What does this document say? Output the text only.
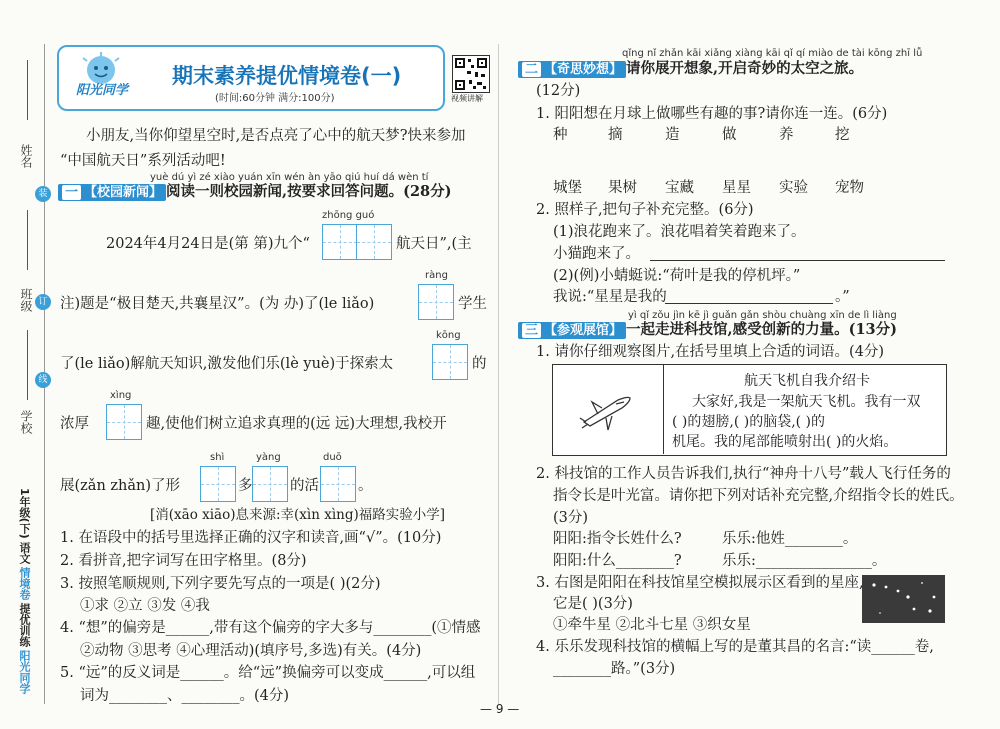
姓名
装
班级 订
线
学校
1年级(下)
语文
情境卷
提优训练
阳光同学
阳光同学
期末素养提优情境卷(一)
(时间:60分钟 满分:100分)	视频讲解
小朋友,当你仰望星空时,是否点亮了心中的航天梦?快来参加
“中国航天日”系列活动吧!
yuè dú yì zé xiào yuán xīn wén àn yāo qiú huí dá wèn tí
一 【校园新闻】 阅读一则校园新闻,按要求回答问题。(28分)
zhōng guó
2024年4月24日是(第 第)九个“	航天日”,(主
ràng
注)题是“极目楚天,共襄星汉”。(为 办)了(le liǎo)	学生
kōng
了(le liǎo)解航天知识,激发他们乐(lè yuè)于探索太	的
xìng
浓厚	趣,使他们树立追求真理的(远 远)大理想,我校开
shì	yàng	duō
展(zǎn zhǎn)了形	多	的活	。
[消(xāo xiāo)息来源:幸(xìn xìng)福路实验小学]
1. 在语段中的括号里选择正确的汉字和读音,画“√”。(10分)
2. 看拼音,把字词写在田字格里。(8分)
3. 按照笔顺规则,下列字要先写点的一项是( )(2分)
①求 ②立 ③发 ④我
4. “想”的偏旁是______,带有这个偏旁的字大多与________(①情感
②动物 ③思考 ④心理活动)(填序号,多选)有关。(4分)
5. “远”的反义词是______。给“远”换偏旁可以变成______,可以组
词为________、________。(4分)
qǐng nǐ zhǎn kāi xiǎng xiàng kāi qǐ qí miào de tài kōng zhī lǚ
二 【奇思妙想】 请你展开想象,开启奇妙的太空之旅。
(12分)
1. 阳阳想在月球上做哪些有趣的事?请你连一连。(6分)
种	摘	造	做	养	挖
城堡 果树 宝藏 星星 实验 宠物
2. 照样子,把句子补充完整。(6分)
(1)浪花跑来了。浪花唱着笑着跑来了。
小猫跑来了。
(2)(例)小蜻蜓说:“荷叶是我的停机坪。”
我说:“星星是我的	。”
yì qǐ zǒu jìn kē jì guǎn gǎn shòu chuàng xīn de lì liàng
三 【参观展馆】 一起走进科技馆,感受创新的力量。(13分)
1. 请你仔细观察图片,在括号里填上合适的词语。(4分)
航天飞机自我介绍卡
大家好,我是一架航天飞机。我有一双
( )的翅膀,( )的脑袋,( )的
机尾。我的尾部能喷射出( )的火焰。
2. 科技馆的工作人员告诉我们,执行“神舟十八号”载人飞行任务的
指令长是叶光富。请你把下列对话补充完整,介绍指令长的姓氏。
(3分)
阳阳:指令长姓什么?	乐乐:他姓________。
阳阳:什么________?	乐乐:________________。
3. 右图是阳阳在科技馆星空模拟展示区看到的星座,
它是( )(3分)
①牵牛星 ②北斗七星 ③织女星
4. 乐乐发现科技馆的横幅上写的是董其昌的名言:“读______卷,
________路。”(3分)
— 9 —
